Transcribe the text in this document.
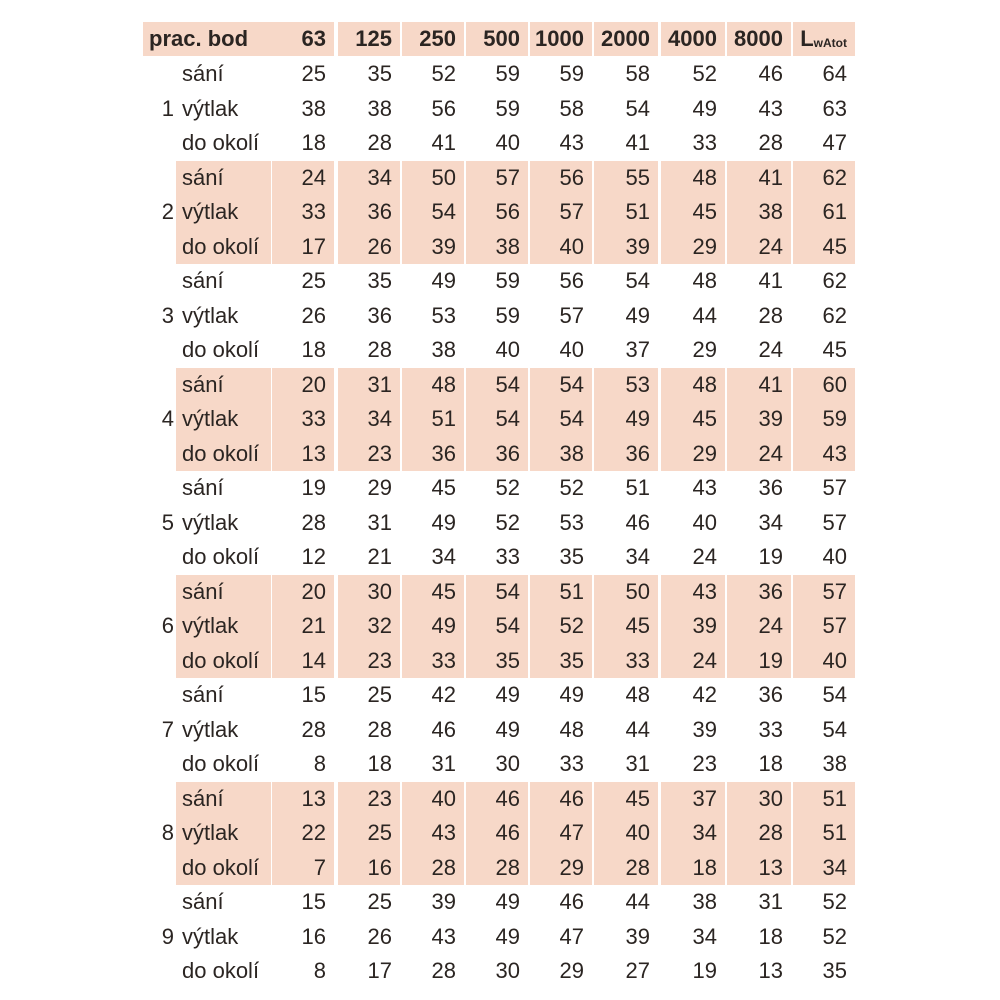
prac. bod	63	125	250	500 1000 2000 4000 8000 L wAtot
1
sání	25	35	52	59	59	58	52	46	64
výtlak	38	38	56	59	58	54	49	43	63
do okolí	18	28	41	40	43	41	33	28	47
2
sání	24	34	50	57	56	55	48	41	62
výtlak	33	36	54	56	57	51	45	38	61
do okolí	17	26	39	38	40	39	29	24	45
3
sání	25	35	49	59	56	54	48	41	62
výtlak	26	36	53	59	57	49	44	28	62
do okolí	18	28	38	40	40	37	29	24	45
4
sání	20	31	48	54	54	53	48	41	60
výtlak	33	34	51	54	54	49	45	39	59
do okolí	13	23	36	36	38	36	29	24	43
5
sání	19	29	45	52	52	51	43	36	57
výtlak	28	31	49	52	53	46	40	34	57
do okolí	12	21	34	33	35	34	24	19	40
6
sání	20	30	45	54	51	50	43	36	57
výtlak	21	32	49	54	52	45	39	24	57
do okolí	14	23	33	35	35	33	24	19	40
7
sání	15	25	42	49	49	48	42	36	54
výtlak	28	28	46	49	48	44	39	33	54
do okolí	8	18	31	30	33	31	23	18	38
8
sání	13	23	40	46	46	45	37	30	51
výtlak	22	25	43	46	47	40	34	28	51
do okolí	7	16	28	28	29	28	18	13	34
9
sání	15	25	39	49	46	44	38	31	52
výtlak	16	26	43	49	47	39	34	18	52
do okolí	8	17	28	30	29	27	19	13	35
